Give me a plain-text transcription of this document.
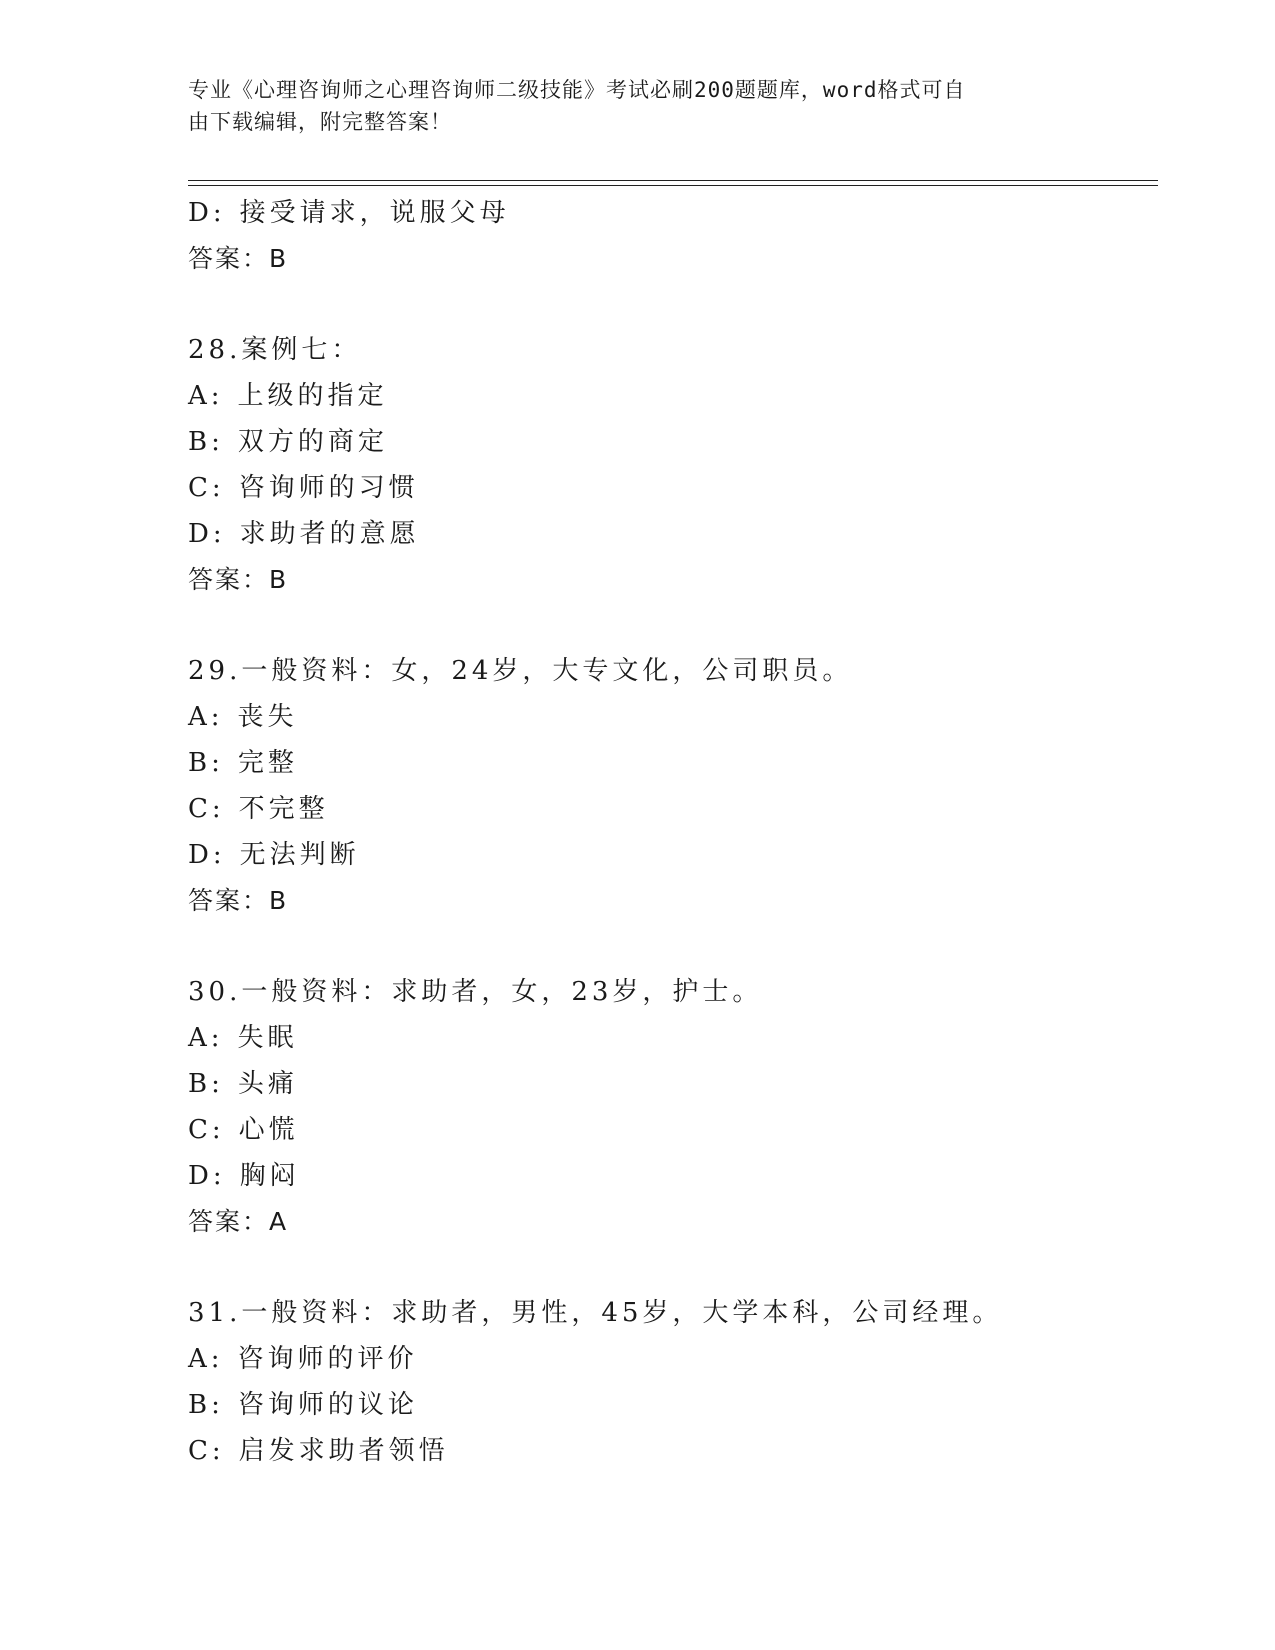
专业《心理咨询师之心理咨询师二级技能》考试必刷200题题库，word格式可自
由下载编辑，附完整答案！
D: 接受请求，说服父母
答案：B
28.案例七：
A: 上级的指定
B: 双方的商定
C: 咨询师的习惯
D: 求助者的意愿
答案：B
29.一般资料：女，24岁，大专文化，公司职员。
A: 丧失
B: 完整
C: 不完整
D: 无法判断
答案：B
30.一般资料：求助者，女，23岁，护士。
A: 失眠
B: 头痛
C: 心慌
D: 胸闷
答案：A
31.一般资料：求助者，男性，45岁，大学本科，公司经理。
A: 咨询师的评价
B: 咨询师的议论
C: 启发求助者领悟
